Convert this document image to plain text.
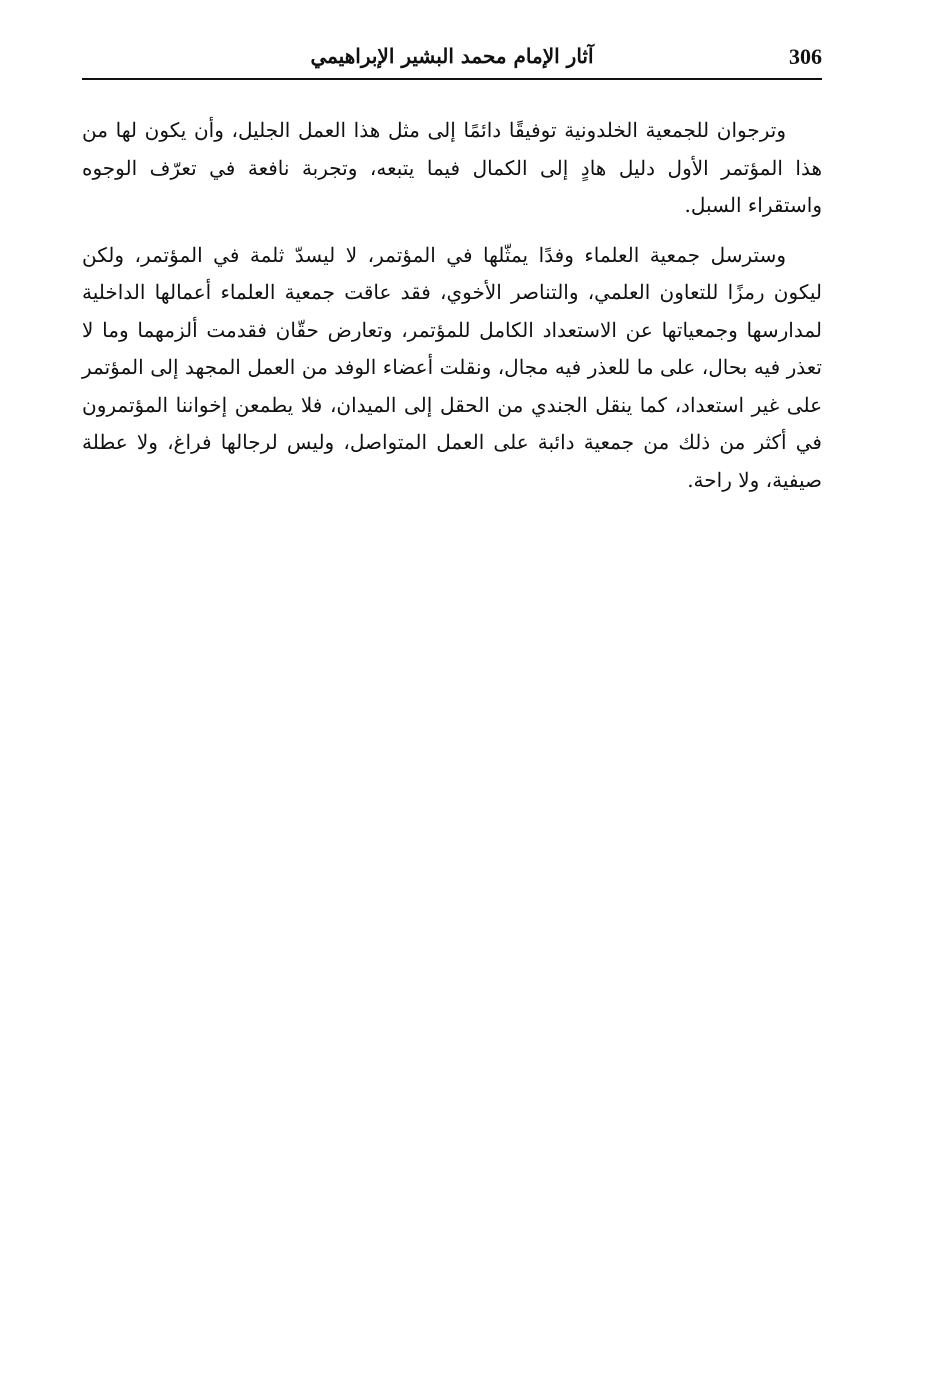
306
آثار الإمام محمد البشير الإبراهيمي

وترجوان للجمعية الخلدونية توفيقًا دائمًا إلى مثل هذا العمل الجليل، وأن يكون لها من هذا المؤتمر الأول دليل هادٍ إلى الكمال فيما يتبعه، وتجربة نافعة في تعرّف الوجوه واستقراء السبل.

وسترسل جمعية العلماء وفدًا يمثّلها في المؤتمر، لا ليسدّ ثلمة في المؤتمر، ولكن ليكون رمزًا للتعاون العلمي، والتناصر الأخوي، فقد عاقت جمعية العلماء أعمالها الداخلية لمدارسها وجمعياتها عن الاستعداد الكامل للمؤتمر، وتعارض حقّان فقدمت ألزمهما وما لا تعذر فيه بحال، على ما للعذر فيه مجال، ونقلت أعضاء الوفد من العمل المجهد إلى المؤتمر على غير استعداد، كما ينقل الجندي من الحقل إلى الميدان، فلا يطمعن إخواننا المؤتمرون في أكثر من ذلك من جمعية دائبة على العمل المتواصل، وليس لرجالها فراغ، ولا عطلة صيفية، ولا راحة.
